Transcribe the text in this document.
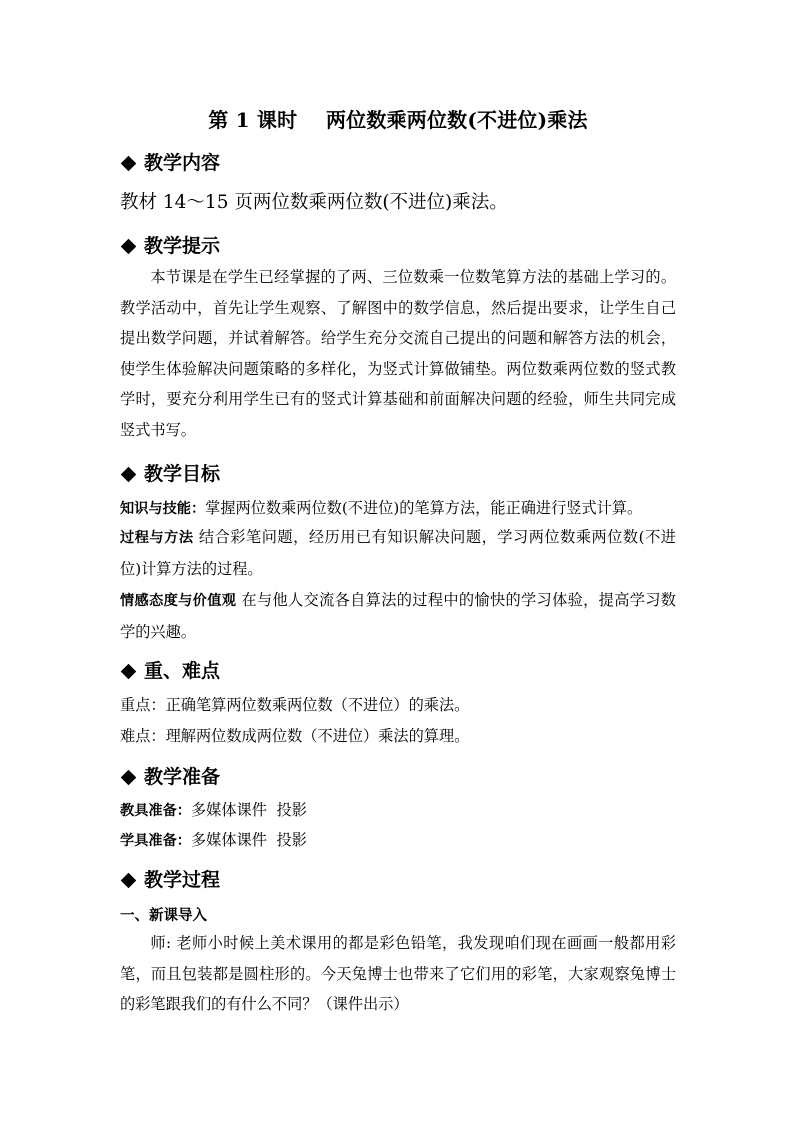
第 1 课时    两位数乘两位数(不进位)乘法
教学内容
教材 14～15 页两位数乘两位数(不进位)乘法。
教学提示
本节课是在学生已经掌握的了两、三位数乘一位数笔算方法的基础上学习的。教学活动中，首先让学生观察、了解图中的数学信息，然后提出要求，让学生自己提出数学问题，并试着解答。给学生充分交流自己提出的问题和解答方法的机会，使学生体验解决问题策略的多样化，为竖式计算做铺垫。两位数乘两位数的竖式教学时，要充分利用学生已有的竖式计算基础和前面解决问题的经验，师生共同完成竖式书写。
教学目标
知识与技能：掌握两位数乘两位数(不进位)的笔算方法，能正确进行竖式计算。
过程与方法 结合彩笔问题，经历用已有知识解决问题，学习两位数乘两位数(不进位)计算方法的过程。
情感态度与价值观 在与他人交流各自算法的过程中的愉快的学习体验，提高学习数学的兴趣。
重、难点
重点：正确笔算两位数乘两位数（不进位）的乘法。
难点：理解两位数成两位数（不进位）乘法的算理。
教学准备
教具准备：多媒体课件  投影
学具准备：多媒体课件  投影
教学过程
一、新课导入
师: 老师小时候上美术课用的都是彩色铅笔，我发现咱们现在画画一般都用彩笔，而且包装都是圆柱形的。今天兔博士也带来了它们用的彩笔，大家观察兔博士的彩笔跟我们的有什么不同？（课件出示）
